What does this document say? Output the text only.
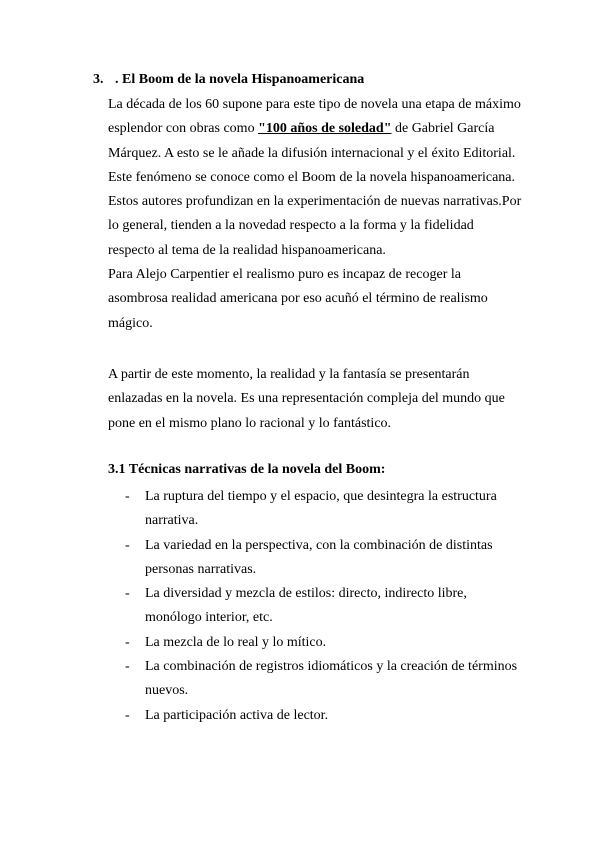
3. . El Boom de la novela Hispanoamericana
La década de los 60 supone para este tipo de novela una etapa de máximo
esplendor con obras como "100 años de soledad" de Gabriel García
Márquez. A esto se le añade la difusión internacional y el éxito Editorial.
Este fenómeno se conoce como el Boom de la novela hispanoamericana.
Estos autores profundizan en la experimentación de nuevas narrativas.Por
lo general, tienden a la novedad respecto a la forma y la fidelidad
respecto al tema de la realidad hispanoamericana.
Para Alejo Carpentier el realismo puro es incapaz de recoger la
asombrosa realidad americana por eso acuñó el término de realismo
mágico.
A partir de este momento, la realidad y la fantasía se presentarán
enlazadas en la novela. Es una representación compleja del mundo que
pone en el mismo plano lo racional y lo fantástico.
3.1 Técnicas narrativas de la novela del Boom:
- La ruptura del tiempo y el espacio, que desintegra la estructura
narrativa.
- La variedad en la perspectiva, con la combinación de distintas
personas narrativas.
- La diversidad y mezcla de estilos: directo, indirecto libre,
monólogo interior, etc.
- La mezcla de lo real y lo mítico.
- La combinación de registros idiomáticos y la creación de términos
nuevos.
- La participación activa de lector.
